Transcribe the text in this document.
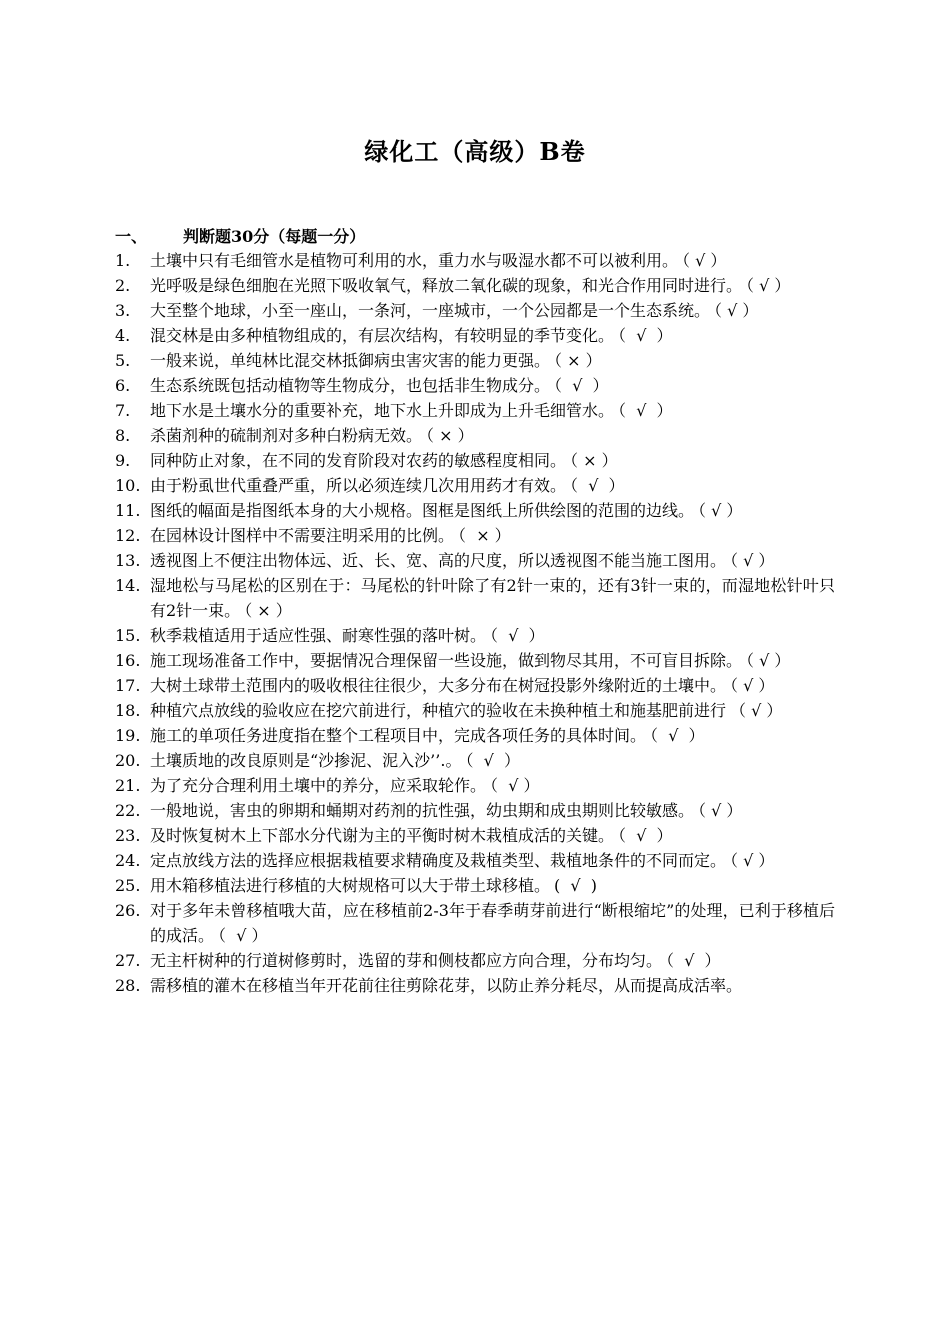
绿化工（高级）B卷
一、 判断题30分（每题一分）
1. 土壤中只有毛细管水是植物可利用的水，重力水与吸湿水都不可以被利用。 （ √ ）
2. 光呼吸是绿色细胞在光照下吸收氧气，释放二氧化碳的现象，和光合作用同时进行。 （ √ ）
3. 大至整个地球，小至一座山，一条河，一座城市，一个公园都是一个生态系统。 （ √ ）
4. 混交林是由多种植物组成的，有层次结构，有较明显的季节变化。 （  √  ）
5. 一般来说，单纯林比混交林抵御病虫害灾害的能力更强。 （ × ）
6. 生态系统既包括动植物等生物成分，也包括非生物成分。 （  √  ）
7. 地下水是土壤水分的重要补充，地下水上升即成为上升毛细管水。 （  √  ）
8. 杀菌剂种的硫制剂对多种白粉病无效。 （ × ）
9. 同种防止对象，在不同的发育阶段对农药的敏感程度相同。 （ × ）
10. 由于粉虱世代重叠严重，所以必须连续几次用用药才有效。 （  √  ）
11. 图纸的幅面是指图纸本身的大小规格。图框是图纸上所供绘图的范围的边线。 （ √ ）
12. 在园林设计图样中不需要注明采用的比例。 （  × ）
13. 透视图上不便注出物体远、近、长、宽、高的尺度，所以透视图不能当施工图用。 （ √ ）
14. 湿地松与马尾松的区别在于：马尾松的针叶除了有2针一束的，还有3针一束的，而湿地松针叶只有2针一束。 （ × ）
15. 秋季栽植适用于适应性强、耐寒性强的落叶树。 （  √  ）
16. 施工现场准备工作中，要据情况合理保留一些设施，做到物尽其用，不可盲目拆除。 （ √ ）
17. 大树土球带土范围内的吸收根往往很少，大多分布在树冠投影外缘附近的土壤中。 （ √ ）
18. 种植穴点放线的验收应在挖穴前进行，种植穴的验收在未换种植土和施基肥前进行 （ √ ）
19. 施工的单项任务进度指在整个工程项目中，完成各项任务的具体时间。 （  √  ）
20. 土壤质地的改良原则是“沙掺泥、泥入沙’’.。 （  √  ）
21. 为了充分合理利用土壤中的养分，应采取轮作。 （  √ ）
22. 一般地说，害虫的卵期和蛹期对药剂的抗性强，幼虫期和成虫期则比较敏感。 （ √ ）
23. 及时恢复树木上下部水分代谢为主的平衡时树木栽植成活的关键。 （  √  ）
24. 定点放线方法的选择应根据栽植要求精确度及栽植类型、栽植地条件的不同而定。 （ √ ）
25. 用木箱移植法进行移植的大树规格可以大于带土球移植。 (  √  )
26. 对于多年未曾移植哦大苗，应在移植前2-3年于春季萌芽前进行“断根缩坨”的处理，已利于移植后的成活。 （  √ ）
27. 无主杆树种的行道树修剪时，选留的芽和侧枝都应方向合理，分布均匀。 （  √  ）
28. 需移植的灌木在移植当年开花前往往剪除花芽，以防止养分耗尽，从而提高成活率。
